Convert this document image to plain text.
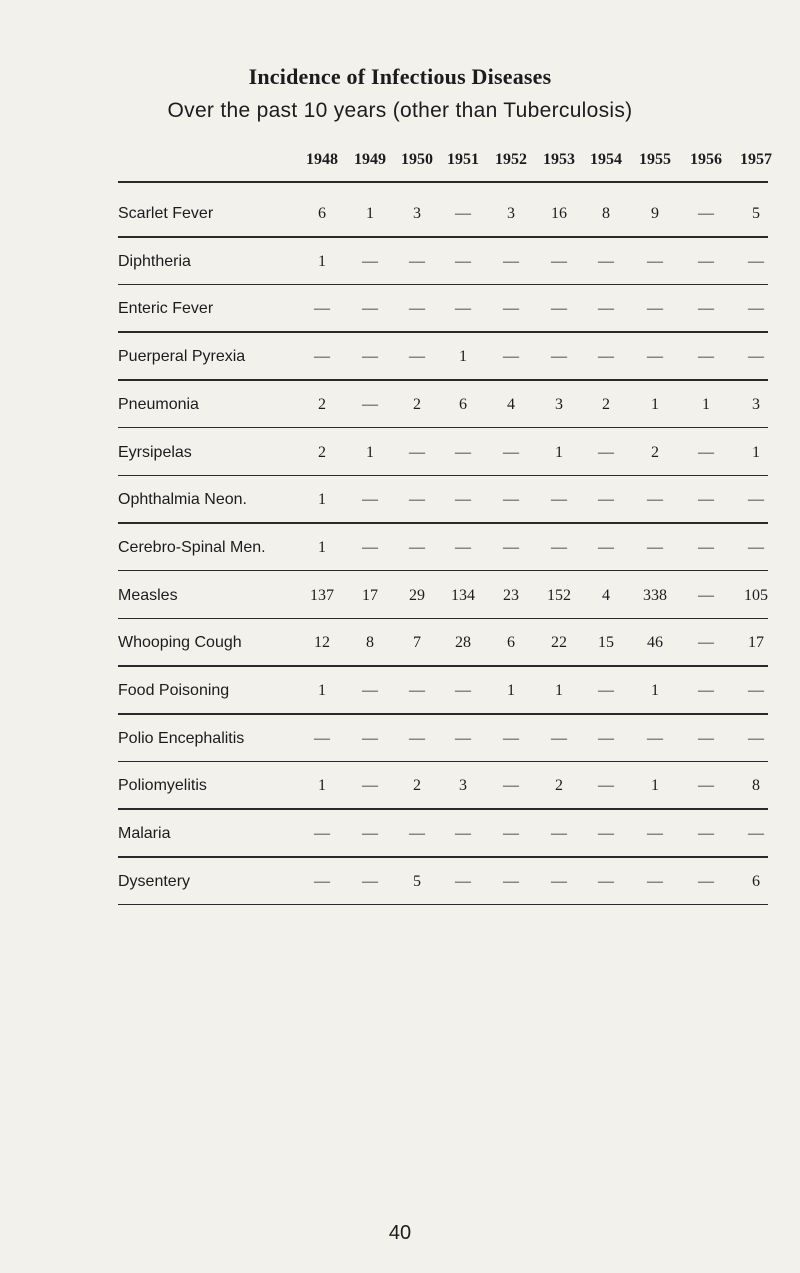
Incidence of Infectious Diseases
Over the past 10 years (other than Tuberculosis)
1948	1949 1950 1951	1952	1953 1954	1955	1956	1957
Scarlet Fever	6	1	3	—	3	16	8	9	—	5
Diphtheria	1	—	—	—	—	—	—	—	—	—
Enteric Fever	—	—	—	—	—	—	—	—	—	—
Puerperal Pyrexia	—	—	—	1	—	—	—	—	—	—
Pneumonia	2	—	2	6	4	3	2	1	1	3
Eyrsipelas	2	1	—	—	—	1	—	2	—	1
Ophthalmia Neon.	1	—	—	—	—	—	—	—	—	—
Cerebro-Spinal Men.	1	—	—	—	—	—	—	—	—	—
Measles	137	17	29	134	23	152	4	338	—	105
Whooping Cough	12	8	7	28	6	22	15	46	—	17
Food Poisoning	1	—	—	—	1	1	—	1	—	—
Polio Encephalitis	—	—	—	—	—	—	—	—	—	—
Poliomyelitis	1	—	2	3	—	2	—	1	—	8
Malaria	—	—	—	—	—	—	—	—	—	—
Dysentery	—	—	5	—	—	—	—	—	—	6
40
